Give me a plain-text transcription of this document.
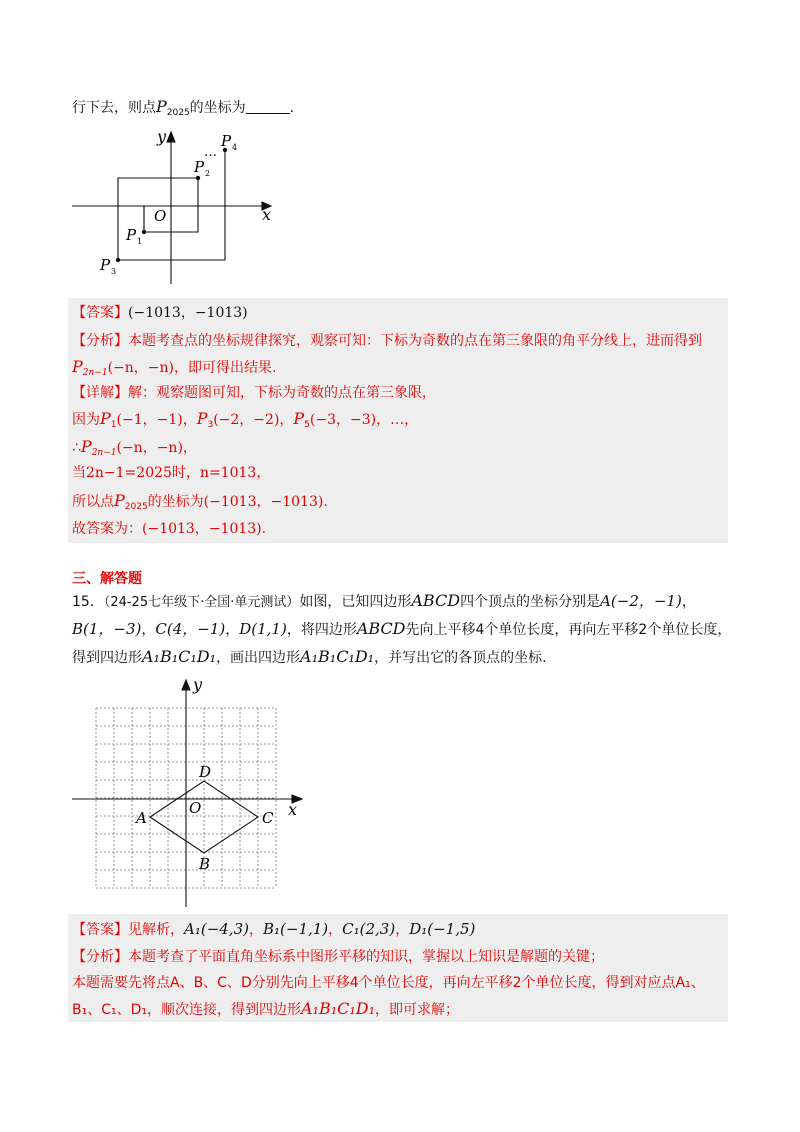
行下去，则点$P_{2025}$的坐标为	.
y
x
O
…
P 1
P 2
P 3
P 4
【答案】(−1013，−1013)
【分析】本题考查点的坐标规律探究，观察可知：下标为奇数的点在第三象限的角平分线上，进而得到
$P_{2n-1}(-n$，−n)，即可得出结果.
【详解】解：观察题图可知，下标为奇数的点在第三象限，
因为$P_1(-1$，−1)，$P_3(-2$，−2)，$P_5(-3$，−3)，…，
$\therefore P_{2n-1}(-n$，−n)，
当2n−1=2025时，n=1013，
所以点$P_{2025}$的坐标为(−1013，−1013).
故答案为：(−1013，−1013).
三、解答题
15．（24-25七年级下·全国·单元测试）如图，已知四边形ABCD四个顶点的坐标分别是A(−2，−1)，
B(1，−3)，C(4，−1)，D(1,1)，将四边形ABCD先向上平移4个单位长度，再向左平移2个单位长度，
得到四边形A₁B₁C₁D₁，画出四边形A₁B₁C₁D₁，并写出它的各顶点的坐标.
y
x
O
A
B
C
D
【答案】见解析，A₁(−4,3)，B₁(−1,1)，C₁(2,3)，D₁(−1,5)
【分析】本题考查了平面直角坐标系中图形平移的知识，掌握以上知识是解题的关键；
本题需要先将点A、B、C、D分别先向上平移4个单位长度，再向左平移2个单位长度，得到对应点A₁、
B₁、C₁、D₁，顺次连接，得到四边形A₁B₁C₁D₁，即可求解；
